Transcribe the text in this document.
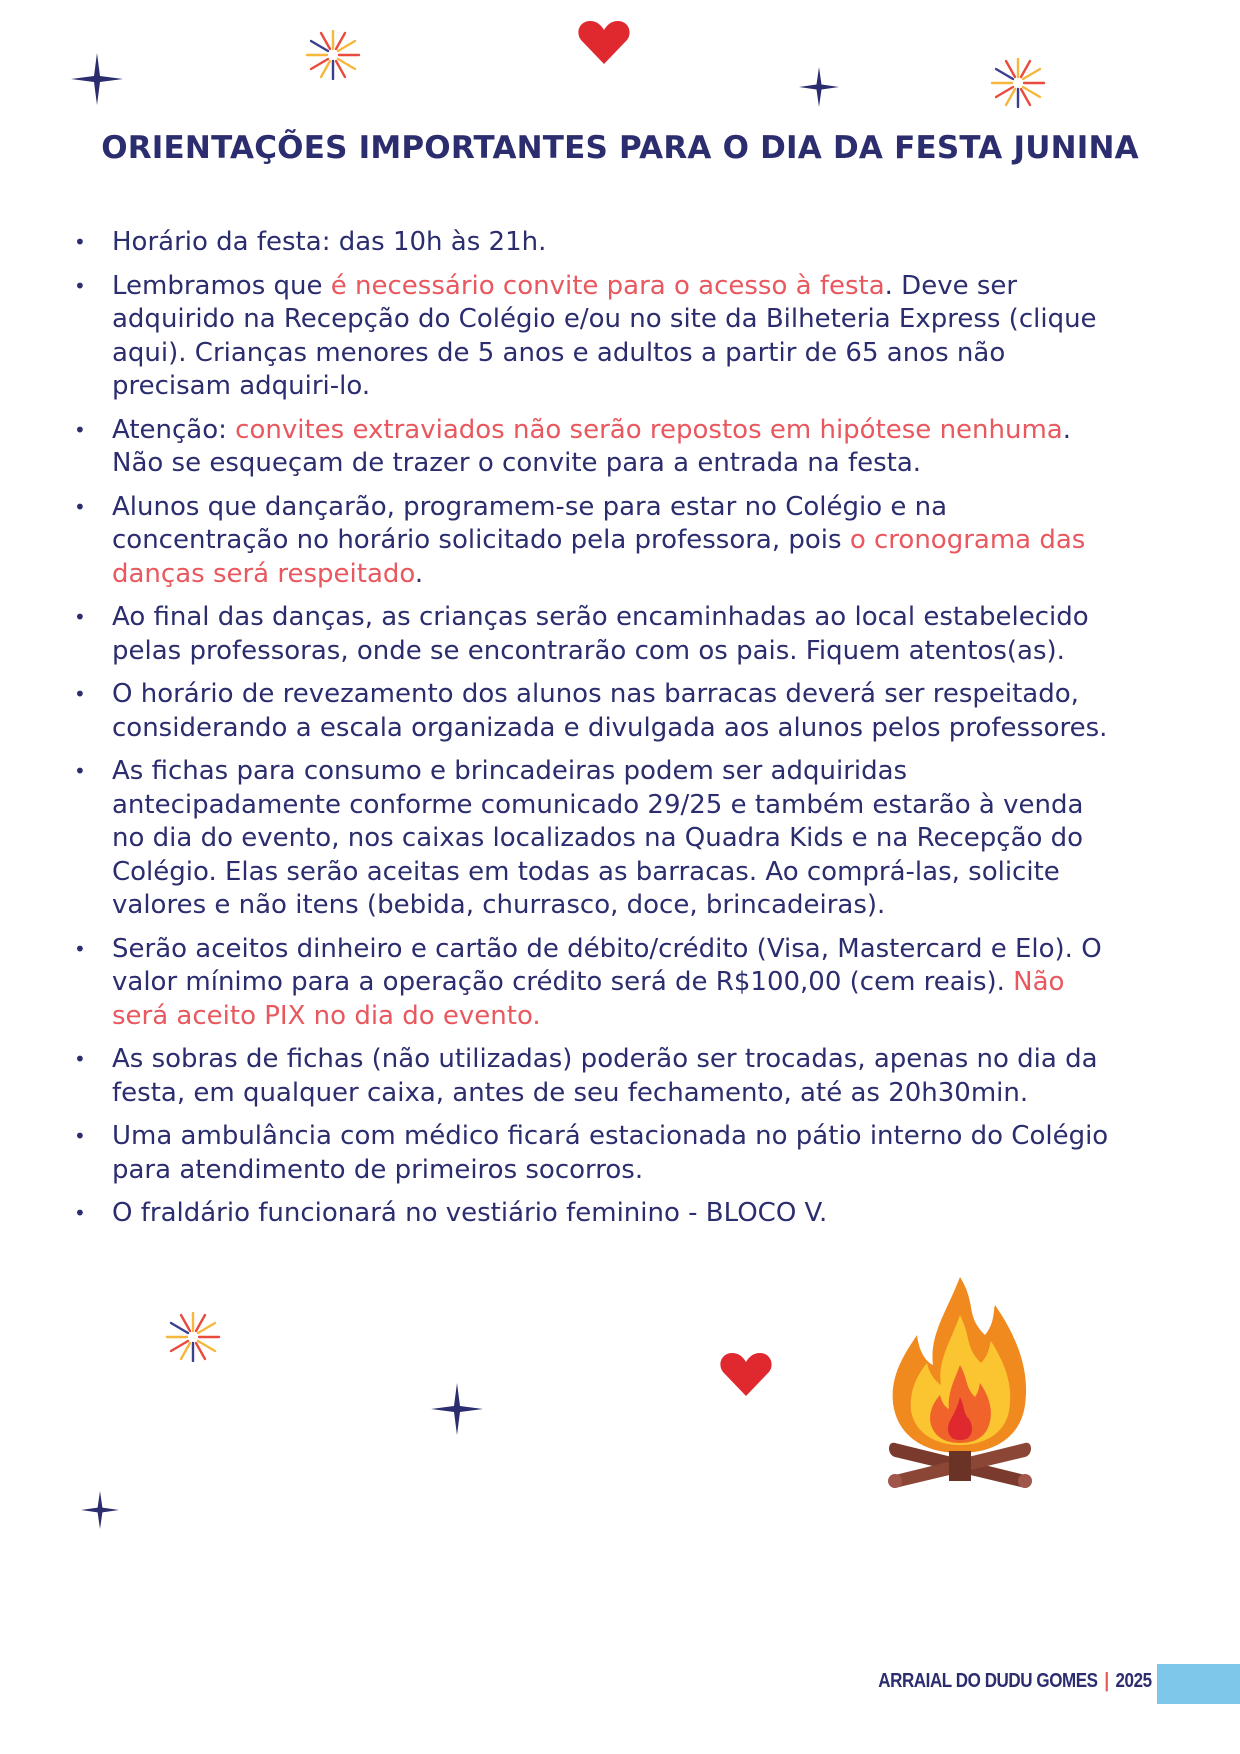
ORIENTAÇÕES IMPORTANTES PARA O DIA DA FESTA JUNINA
• Horário da festa: das 10h às 21h.
• Lembramos que é necessário convite para o acesso à festa. Deve ser adquirido na Recepção do Colégio e/ou no site da Bilheteria Express (clique aqui). Crianças menores de 5 anos e adultos a partir de 65 anos não precisam adquiri-lo.
• Atenção: convites extraviados não serão repostos em hipótese nenhuma. Não se esqueçam de trazer o convite para a entrada na festa.
• Alunos que dançarão, programem-se para estar no Colégio e na concentração no horário solicitado pela professora, pois o cronograma das danças será respeitado.
• Ao final das danças, as crianças serão encaminhadas ao local estabelecido pelas professoras, onde se encontrarão com os pais. Fiquem atentos(as).
• O horário de revezamento dos alunos nas barracas deverá ser respeitado, considerando a escala organizada e divulgada aos alunos pelos professores.
• As fichas para consumo e brincadeiras podem ser adquiridas antecipadamente conforme comunicado 29/25 e também estarão à venda no dia do evento, nos caixas localizados na Quadra Kids e na Recepção do Colégio. Elas serão aceitas em todas as barracas. Ao comprá-las, solicite valores e não itens (bebida, churrasco, doce, brincadeiras).
• Serão aceitos dinheiro e cartão de débito/crédito (Visa, Mastercard e Elo). O valor mínimo para a operação crédito será de R$100,00 (cem reais). Não será aceito PIX no dia do evento.
• As sobras de fichas (não utilizadas) poderão ser trocadas, apenas no dia da festa, em qualquer caixa, antes de seu fechamento, até as 20h30min.
• Uma ambulância com médico ficará estacionada no pátio interno do Colégio para atendimento de primeiros socorros.
• O fraldário funcionará no vestiário feminino - BLOCO V.
ARRAIAL DO DUDU GOMES | 2025
